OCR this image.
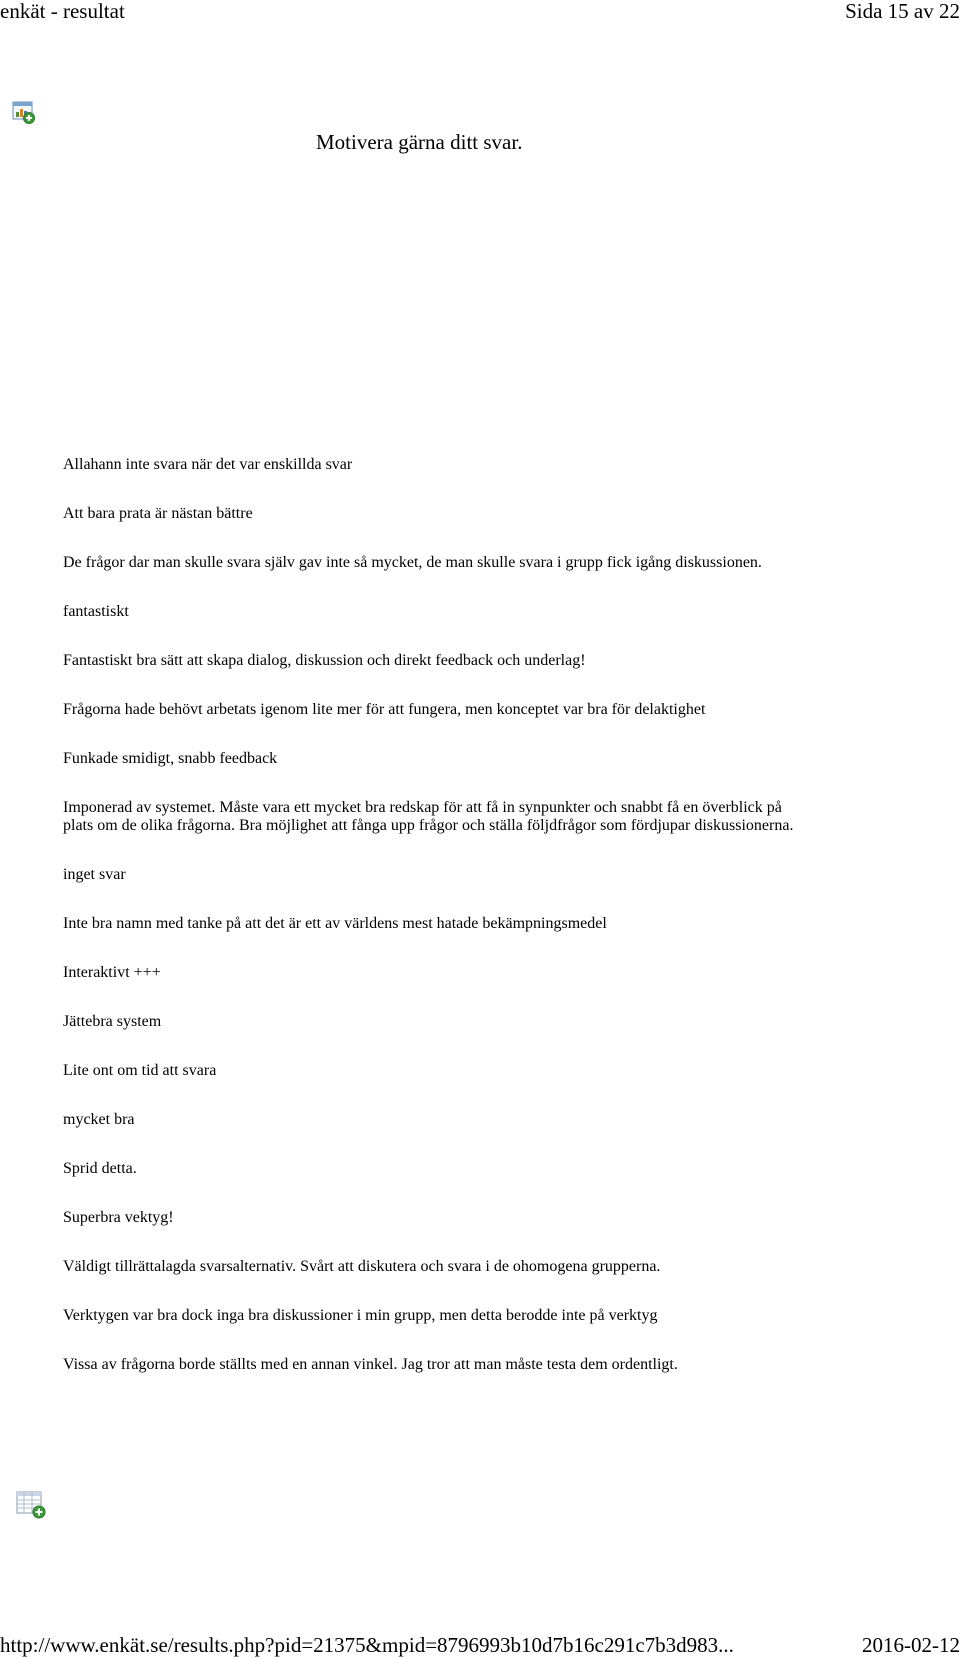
enkät - resultat	Sida 15 av 22
Motivera gärna ditt svar.
Allahann inte svara när det var enskillda svar
Att bara prata är nästan bättre
De frågor dar man skulle svara själv gav inte så mycket, de man skulle svara i grupp fick igång diskussionen.
fantastiskt
Fantastiskt bra sätt att skapa dialog, diskussion och direkt feedback och underlag!
Frågorna hade behövt arbetats igenom lite mer för att fungera, men konceptet var bra för delaktighet
Funkade smidigt, snabb feedback
Imponerad av systemet. Måste vara ett mycket bra redskap för att få in synpunkter och snabbt få en överblick på plats om de olika frågorna. Bra möjlighet att fånga upp frågor och ställa följdfrågor som fördjupar diskussionerna.
inget svar
Inte bra namn med tanke på att det är ett av världens mest hatade bekämpningsmedel
Interaktivt +++
Jättebra system
Lite ont om tid att svara
mycket bra
Sprid detta.
Superbra vektyg!
Väldigt tillrättalagda svarsalternativ. Svårt att diskutera och svara i de ohomogena grupperna.
Verktygen var bra dock inga bra diskussioner i min grupp, men detta berodde inte på verktyg
Vissa av frågorna borde ställts med en annan vinkel. Jag tror att man måste testa dem ordentligt.
http://www.enkät.se/results.php?pid=21375&mpid=8796993b10d7b16c291c7b3d983...	2016-02-12
